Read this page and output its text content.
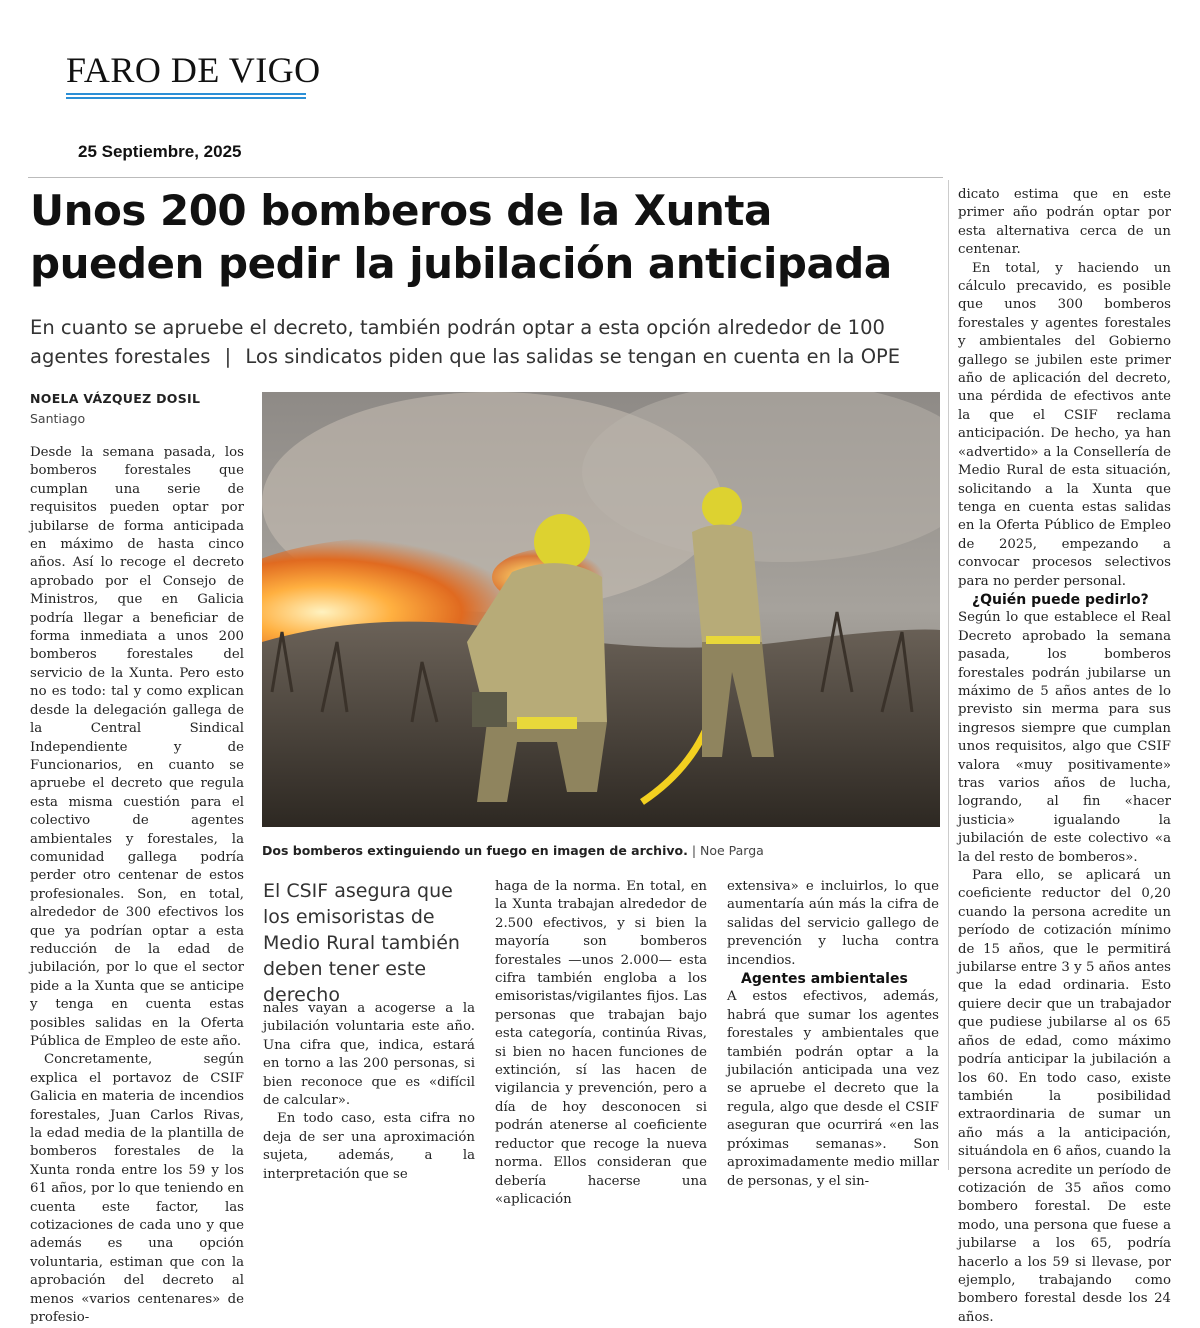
FARO DE VIGO
25 Septiembre, 2025
Unos 200 bomberos de la Xunta pueden pedir la jubilación anticipada

En cuanto se apruebe el decreto, también podrán optar a esta opción alrededor de 100 agentes forestales | Los sindicatos piden que las salidas se tengan en cuenta en la OPE

NOELA VÁZQUEZ DOSIL
Santiago

Desde la semana pasada, los bomberos forestales que cumplan una serie de requisitos pueden optar por jubilarse de forma anticipada en máximo de hasta cinco años. Así lo recoge el decreto aprobado por el Consejo de Ministros, que en Galicia podría llegar a beneficiar de forma inmediata a unos 200 bomberos forestales del servicio de la Xunta. Pero esto no es todo: tal y como explican desde la delegación gallega de la Central Sindical Independiente y de Funcionarios, en cuanto se apruebe el decreto que regula esta misma cuestión para el colectivo de agentes ambientales y forestales, la comunidad gallega podría perder otro centenar de estos profesionales. Son, en total, alrededor de 300 efectivos los que ya podrían optar a esta reducción de la edad de jubilación, por lo que el sector pide a la Xunta que se anticipe y tenga en cuenta estas posibles salidas en la Oferta Pública de Empleo de este año.

Concretamente, según explica el portavoz de CSIF Galicia en materia de incendios forestales, Juan Carlos Rivas, la edad media de la plantilla de bomberos forestales de la Xunta ronda entre los 59 y los 61 años, por lo que teniendo en cuenta este factor, las cotizaciones de cada uno y que además es una opción voluntaria, estiman que con la aprobación del decreto al menos «varios centenares» de profesio-

Dos bomberos extinguiendo un fuego en imagen de archivo. | Noe Parga

El CSIF asegura que los emisoristas de Medio Rural también deben tener este derecho

nales vayan a acogerse a la jubilación voluntaria este año. Una cifra que, indica, estará en torno a las 200 personas, si bien reconoce que es «difícil de calcular».

En todo caso, esta cifra no deja de ser una aproximación sujeta, además, a la interpretación que se

haga de la norma. En total, en la Xunta trabajan alrededor de 2.500 efectivos, y si bien la mayoría son bomberos forestales —unos 2.000— esta cifra también engloba a los emisoristas/vigilantes fijos. Las personas que trabajan bajo esta categoría, continúa Rivas, si bien no hacen funciones de extinción, sí las hacen de vigilancia y prevención, pero a día de hoy desconocen si podrán atenerse al coeficiente reductor que recoge la nueva norma. Ellos consideran que debería hacerse una «aplicación

extensiva» e incluirlos, lo que aumentaría aún más la cifra de salidas del servicio gallego de prevención y lucha contra incendios.

Agentes ambientales

A estos efectivos, además, habrá que sumar los agentes forestales y ambientales que también podrán optar a la jubilación anticipada una vez se apruebe el decreto que la regula, algo que desde el CSIF aseguran que ocurrirá «en las próximas semanas». Son aproximadamente medio millar de personas, y el sin-

dicato estima que en este primer año podrán optar por esta alternativa cerca de un centenar.

En total, y haciendo un cálculo precavido, es posible que unos 300 bomberos forestales y agentes forestales y ambientales del Gobierno gallego se jubilen este primer año de aplicación del decreto, una pérdida de efectivos ante la que el CSIF reclama anticipación. De hecho, ya han «advertido» a la Consellería de Medio Rural de esta situación, solicitando a la Xunta que tenga en cuenta estas salidas en la Oferta Público de Empleo de 2025, empezando a convocar procesos selectivos para no perder personal.

¿Quién puede pedirlo?

Según lo que establece el Real Decreto aprobado la semana pasada, los bomberos forestales podrán jubilarse un máximo de 5 años antes de lo previsto sin merma para sus ingresos siempre que cumplan unos requisitos, algo que CSIF valora «muy positivamente» tras varios años de lucha, logrando, al fin «hacer justicia» igualando la jubilación de este colectivo «a la del resto de bomberos».

Para ello, se aplicará un coeficiente reductor del 0,20 cuando la persona acredite un período de cotización mínimo de 15 años, que le permitirá jubilarse entre 3 y 5 años antes que la edad ordinaria. Esto quiere decir que un trabajador que pudiese jubilarse al os 65 años de edad, como máximo podría anticipar la jubilación a los 60. En todo caso, existe también la posibilidad extraordinaria de sumar un año más a la anticipación, situándola en 6 años, cuando la persona acredite un período de cotización de 35 años como bombero forestal. De este modo, una persona que fuese a jubilarse a los 65, podría hacerlo a los 59 si llevase, por ejemplo, trabajando como bombero forestal desde los 24 años.
